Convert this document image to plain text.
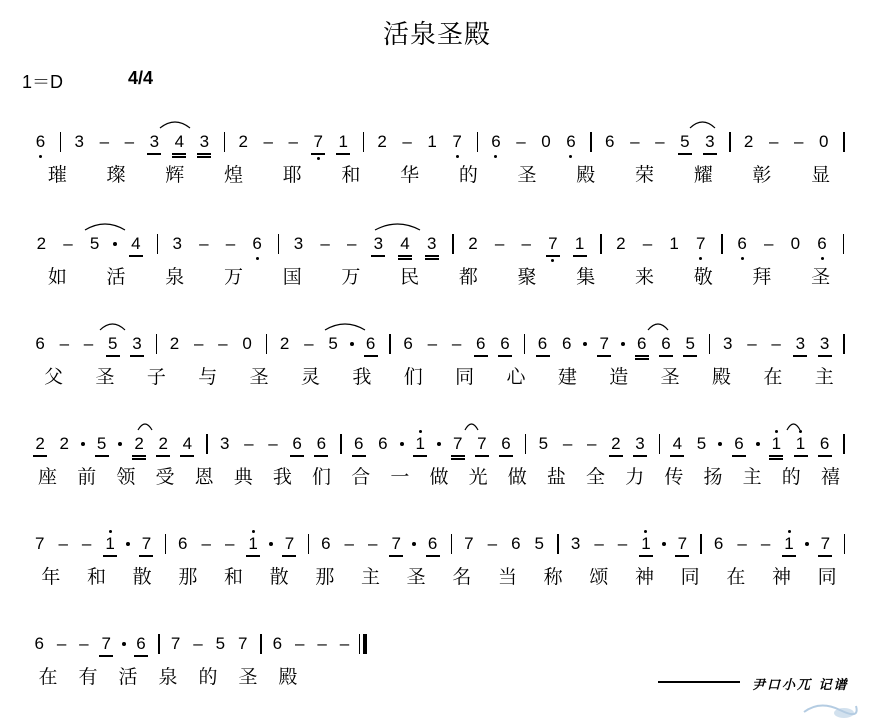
活泉圣殿
1＝D	4/4
6 3 – – 3 4 3 2 – – 7 1 2 – 1 7 6 – 0 6 6 – – 5 3 2 – – 0
璀 璨 辉 煌 耶 和 华 的 圣 殿 荣 耀 彰 显
2 – 5 4 3 – – 6 3 – – 3 4 3 2 – – 7 1 2 – 1 7 6 – 0 6
如 活 泉 万 国 万 民 都 聚 集 来 敬 拜 圣
6 – – 5 3 2 – – 0 2 – 5 6 6 – – 6 6 6 6 7 6 6 5 3 – – 3 3
父 圣 子 与 圣 灵 我 们 同 心 建 造 圣 殿 在 主
2 2 5 2 2 4 3 – – 6 6 6 6 1 7 7 6 5 – – 2 3 4 5 6 1 1 6
座 前 领 受 恩 典 我 们 合 一 做 光 做 盐 全 力 传 扬 主 的 禧
7 – – 1 7 6 – – 1 7 6 – – 7 6 7 – 6 5 3 – – 1 7 6 – – 1 7
年 和 散 那 和 散 那 主 圣 名 当 称 颂 神 同 在 神 同
6 – – 7 6 7 – 5 7 6 – – –
在 有 活 泉 的 圣 殿	尹口小兀 记谱
